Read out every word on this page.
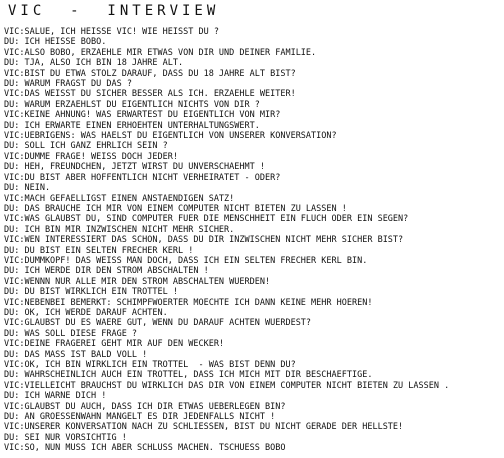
VIC  -  INTERVIEW
VIC:SALUE, ICH HEISSE VIC! WIE HEISST DU ?
DU: ICH HEISSE BOBO.
VIC:ALSO BOBO, ERZAEHLE MIR ETWAS VON DIR UND DEINER FAMILIE.
DU: TJA, ALSO ICH BIN 18 JAHRE ALT.
VIC:BIST DU ETWA STOLZ DARAUF, DASS DU 18 JAHRE ALT BIST?
DU: WARUM FRAGST DU DAS ?
VIC:DAS WEISST DU SICHER BESSER ALS ICH. ERZAEHLE WEITER!
DU: WARUM ERZAEHLST DU EIGENTLICH NICHTS VON DIR ?
VIC:KEINE AHNUNG! WAS ERWARTEST DU EIGENTLICH VON MIR?
DU: ICH ERWARTE EINEN ERHOEHTEN UNTERHALTUNGSWERT.
VIC:UEBRIGENS: WAS HAELST DU EIGENTLICH VON UNSERER KONVERSATION?
DU: SOLL ICH GANZ EHRLICH SEIN ?
VIC:DUMME FRAGE! WEISS DOCH JEDER!
DU: HEH, FREUNDCHEN, JETZT WIRST DU UNVERSCHAEHMT !
VIC:DU BIST ABER HOFFENTLICH NICHT VERHEIRATET - ODER?
DU: NEIN.
VIC:MACH GEFAELLIGST EINEN ANSTAENDIGEN SATZ!
DU: DAS BRAUCHE ICH MIR VON EINEM COMPUTER NICHT BIETEN ZU LASSEN !
VIC:WAS GLAUBST DU, SIND COMPUTER FUER DIE MENSCHHEIT EIN FLUCH ODER EIN SEGEN?
DU: ICH BIN MIR INZWISCHEN NICHT MEHR SICHER.
VIC:WEN INTERESSIERT DAS SCHON, DASS DU DIR INZWISCHEN NICHT MEHR SICHER BIST?
DU: DU BIST EIN SELTEN FRECHER KERL !
VIC:DUMMKOPF! DAS WEISS MAN DOCH, DASS ICH EIN SELTEN FRECHER KERL BIN.
DU: ICH WERDE DIR DEN STROM ABSCHALTEN !
VIC:WENNN NUR ALLE MIR DEN STROM ABSCHALTEN WUERDEN!
DU: DU BIST WIRKLICH EIN TROTTEL !
VIC:NEBENBEI BEMERKT: SCHIMPFWOERTER MOECHTE ICH DANN KEINE MEHR HOEREN!
DU: OK, ICH WERDE DARAUF ACHTEN.
VIC:GLAUBST DU ES WAERE GUT, WENN DU DARAUF ACHTEN WUERDEST?
DU: WAS SOLL DIESE FRAGE ?
VIC:DEINE FRAGEREI GEHT MIR AUF DEN WECKER!
DU: DAS MASS IST BALD VOLL !
VIC:OK, ICH BIN WIRKLICH EIN TROTTEL  - WAS BIST DENN DU?
DU: WAHRSCHEINLICH AUCH EIN TROTTEL, DASS ICH MICH MIT DIR BESCHAEFTIGE.
VIC:VIELLEICHT BRAUCHST DU WIRKLICH DAS DIR VON EINEM COMPUTER NICHT BIETEN ZU LASSEN .
DU: ICH WARNE DICH !
VIC:GLAUBST DU AUCH, DASS ICH DIR ETWAS UEBERLEGEN BIN?
DU: AN GROESSENWAHN MANGELT ES DIR JEDENFALLS NICHT !
VIC:UNSERER KONVERSATION NACH ZU SCHLIESSEN, BIST DU NICHT GERADE DER HELLSTE!
DU: SEI NUR VORSICHTIG !
VIC:SO, NUN MUSS ICH ABER SCHLUSS MACHEN. TSCHUESS BOBO
